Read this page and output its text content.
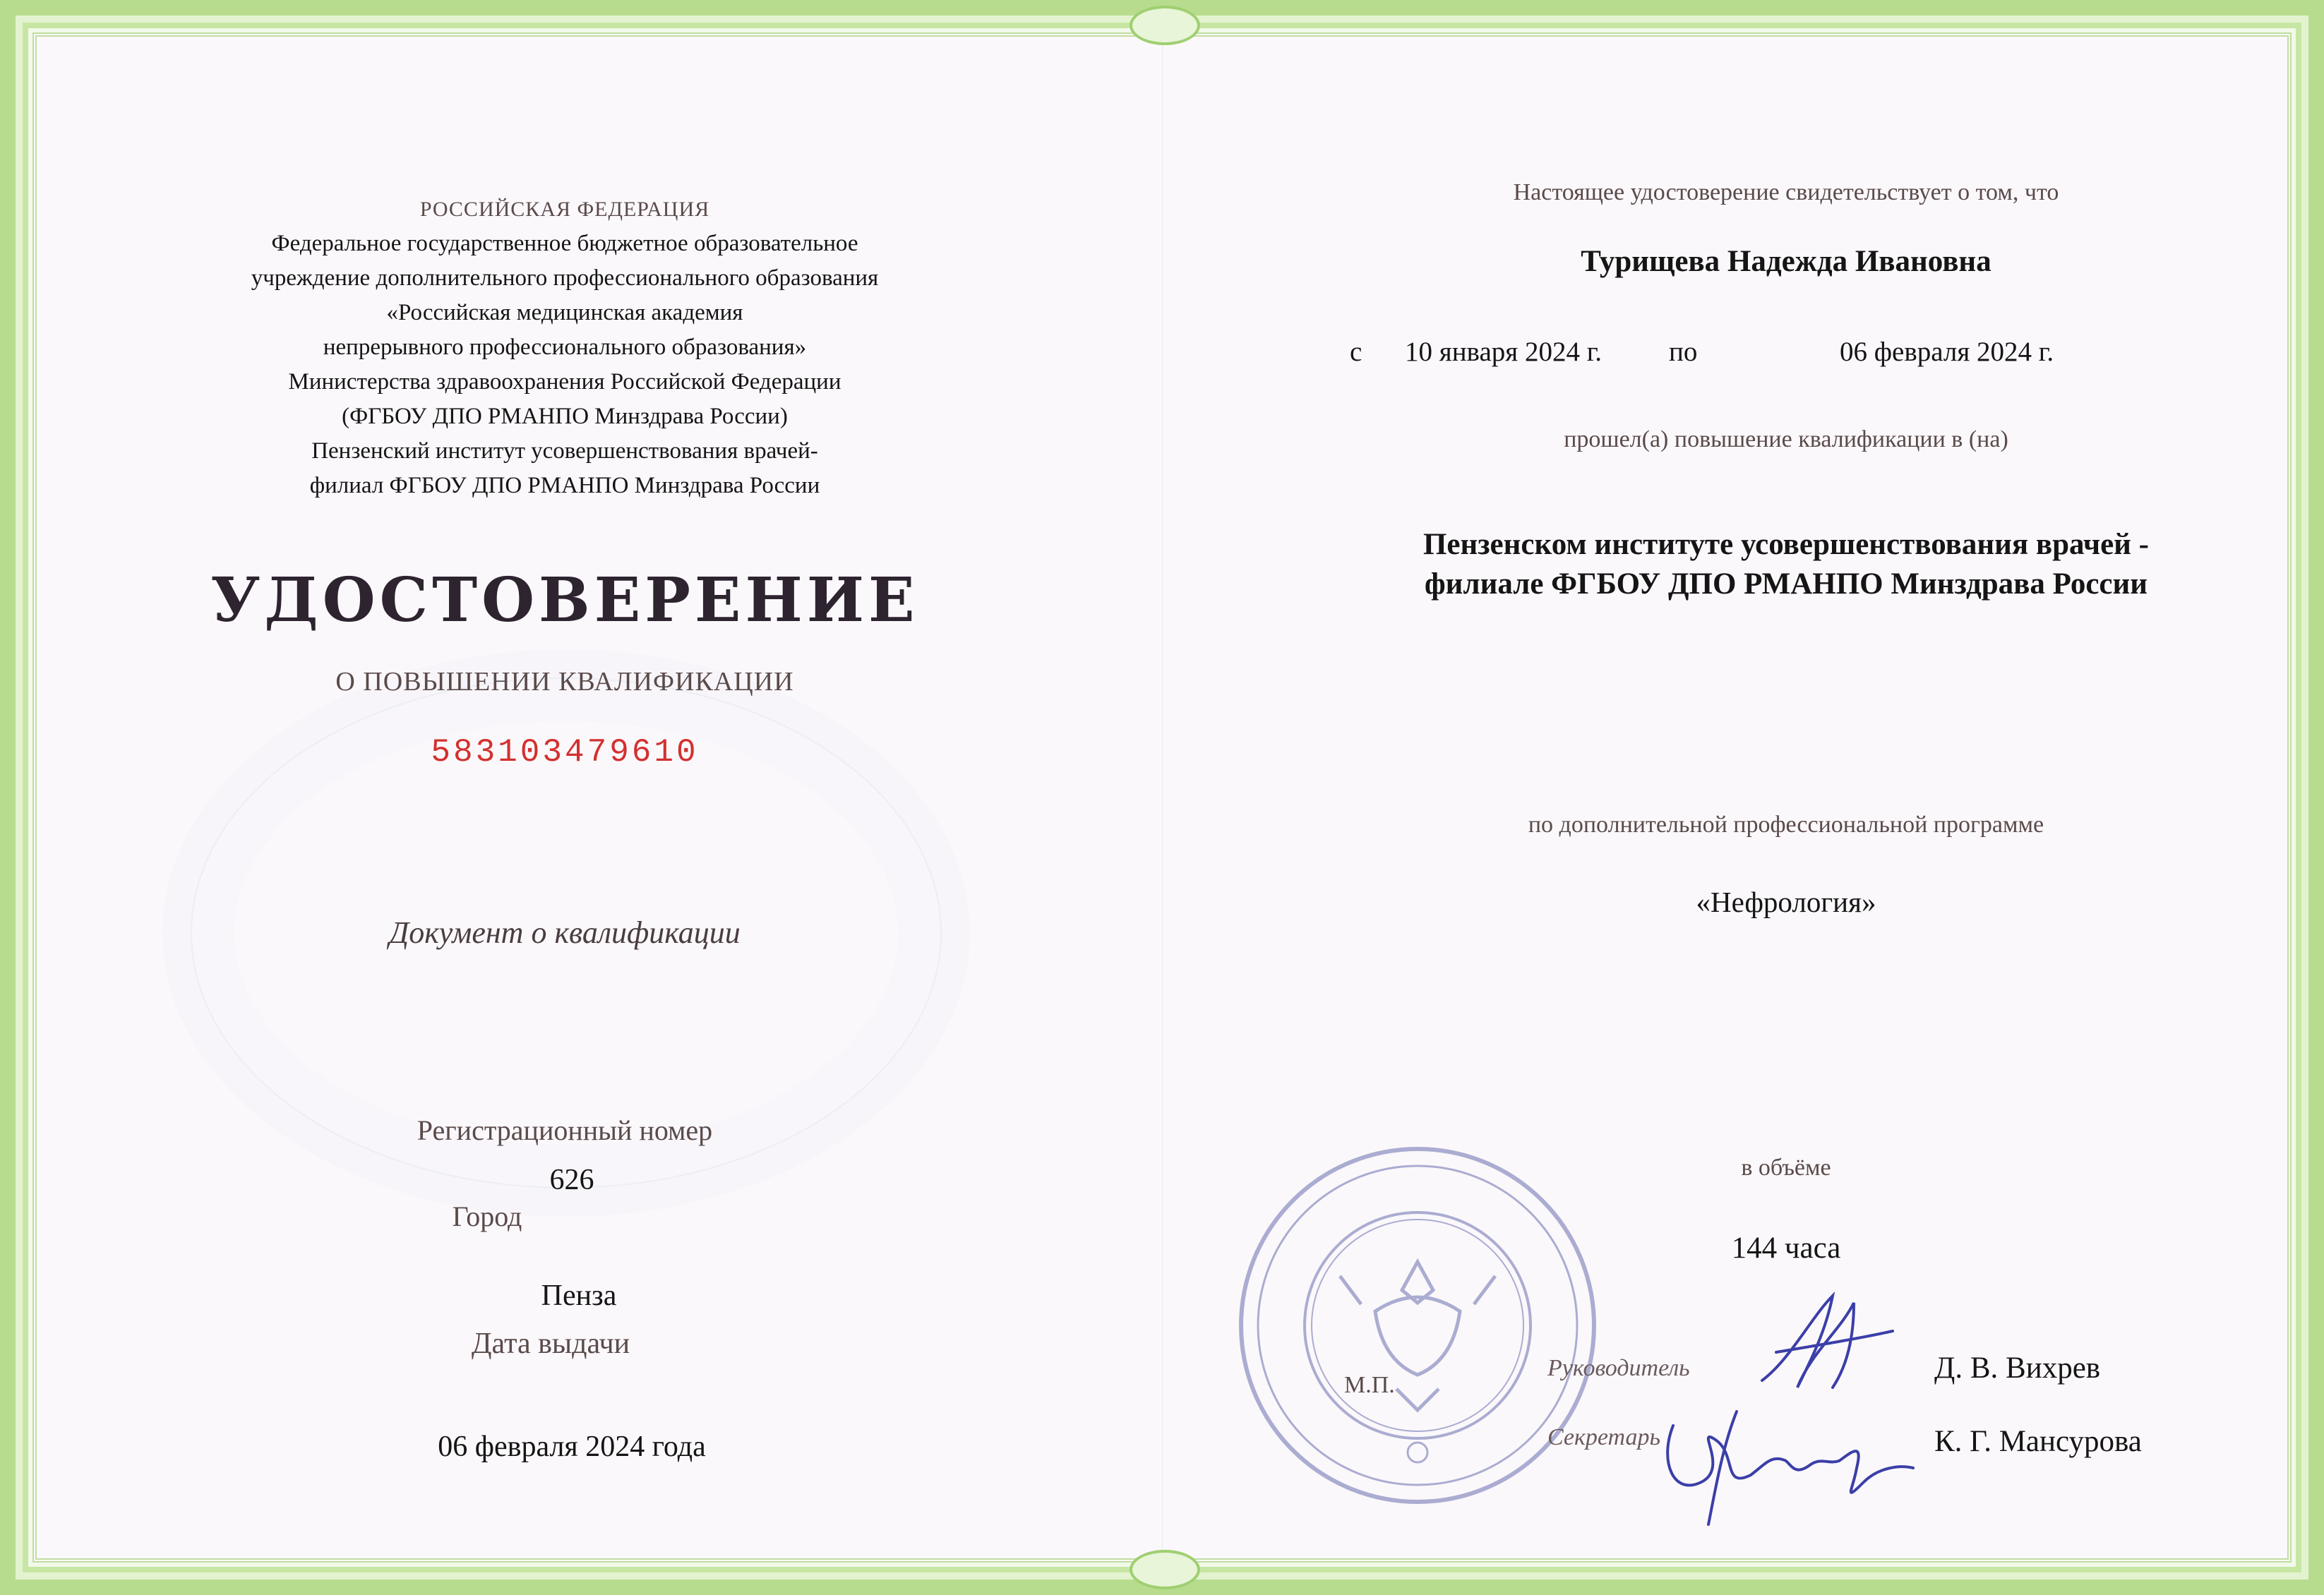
РОССИЙСКАЯ ФЕДЕРАЦИЯ
Федеральное государственное бюджетное образовательное
учреждение дополнительного профессионального образования
«Российская медицинская академия
непрерывного профессионального образования»
Министерства здравоохранения Российской Федерации
(ФГБОУ ДПО РМАНПО Минздрава России)
Пензенский институт усовершенствования врачей-
филиал ФГБОУ ДПО РМАНПО Минздрава России
УДОСТОВЕРЕНИЕ
О ПОВЫШЕНИИ КВАЛИФИКАЦИИ
583103479610
Документ о квалификации
Регистрационный номер
626
Город
Пенза
Дата выдачи
06 февраля 2024 года
Настоящее удостоверение свидетельствует о том, что
Турищева Надежда Ивановна
с 10 января 2024 г. по	06 февраля 2024 г.
прошел(а) повышение квалификации в (на)
Пензенском институте усовершенствования врачей -
филиале ФГБОУ ДПО РМАНПО Минздрава России
по дополнительной профессиональной программе
«Нефрология»
в объёме
144 часа
М.П.
Руководитель
Секретарь
Д. В. Вихрев
К. Г. Мансурова
